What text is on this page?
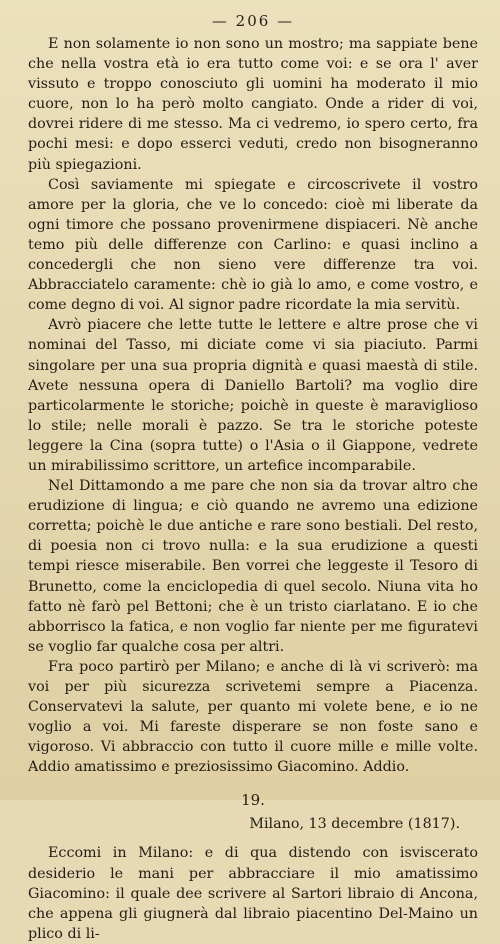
— 206 —

E non solamente io non sono un mostro; ma sappiate bene che nella vostra età io era tutto come voi: e se ora l' aver vissuto e troppo conosciuto gli uomini ha moderato il mio cuore, non lo ha però molto cangiato. Onde a rider di voi, dovrei ridere di me stesso. Ma ci vedremo, io spero certo, fra pochi mesi: e dopo esserci veduti, credo non bisogneranno più spiegazioni.

Così saviamente mi spiegate e circoscrivete il vostro amore per la gloria, che ve lo concedo: cioè mi liberate da ogni timore che possano provenirmene dispiaceri. Nè anche temo più delle differenze con Carlino: e quasi inclino a concedergli che non sieno vere differenze tra voi. Abbracciatelo caramente: chè io già lo amo, e come vostro, e come degno di voi. Al signor padre ricordate la mia servitù.

Avrò piacere che lette tutte le lettere e altre prose che vi nominai del Tasso, mi diciate come vi sia piaciuto. Parmi singolare per una sua propria dignità e quasi maestà di stile. Avete nessuna opera di Daniello Bartoli? ma voglio dire particolarmente le storiche; poichè in queste è maraviglioso lo stile; nelle morali è pazzo. Se tra le storiche poteste leggere la Cina (sopra tutte) o l'Asia o il Giappone, vedrete un mirabilissimo scrittore, un artefice incomparabile.

Nel Dittamondo a me pare che non sia da trovar altro che erudizione di lingua; e ciò quando ne avremo una edizione corretta; poichè le due antiche e rare sono bestiali. Del resto, di poesia non ci trovo nulla: e la sua erudizione a questi tempi riesce miserabile. Ben vorrei che leggeste il Tesoro di Brunetto, come la enciclopedia di quel secolo. Niuna vita ho fatto nè farò pel Bettoni; che è un tristo ciarlatano. E io che abborrisco la fatica, e non voglio far niente per me figuratevi se voglio far qualche cosa per altri.

Fra poco partirò per Milano; e anche di là vi scriverò: ma voi per più sicurezza scrivetemi sempre a Piacenza. Conservatevi la salute, per quanto mi volete bene, e io ne voglio a voi. Mi fareste disperare se non foste sano e vigoroso. Vi abbraccio con tutto il cuore mille e mille volte. Addio amatissimo e preziosissimo Giacomino. Addio.

19.
Milano, 13 decembre (1817).

Eccomi in Milano: e di qua distendo con isviscerato desiderio le mani per abbracciare il mio amatissimo Giacomino: il quale dee scrivere al Sartori libraio di Ancona, che appena gli giugnerà dal libraio piacentino Del-Maino un plico di li-
